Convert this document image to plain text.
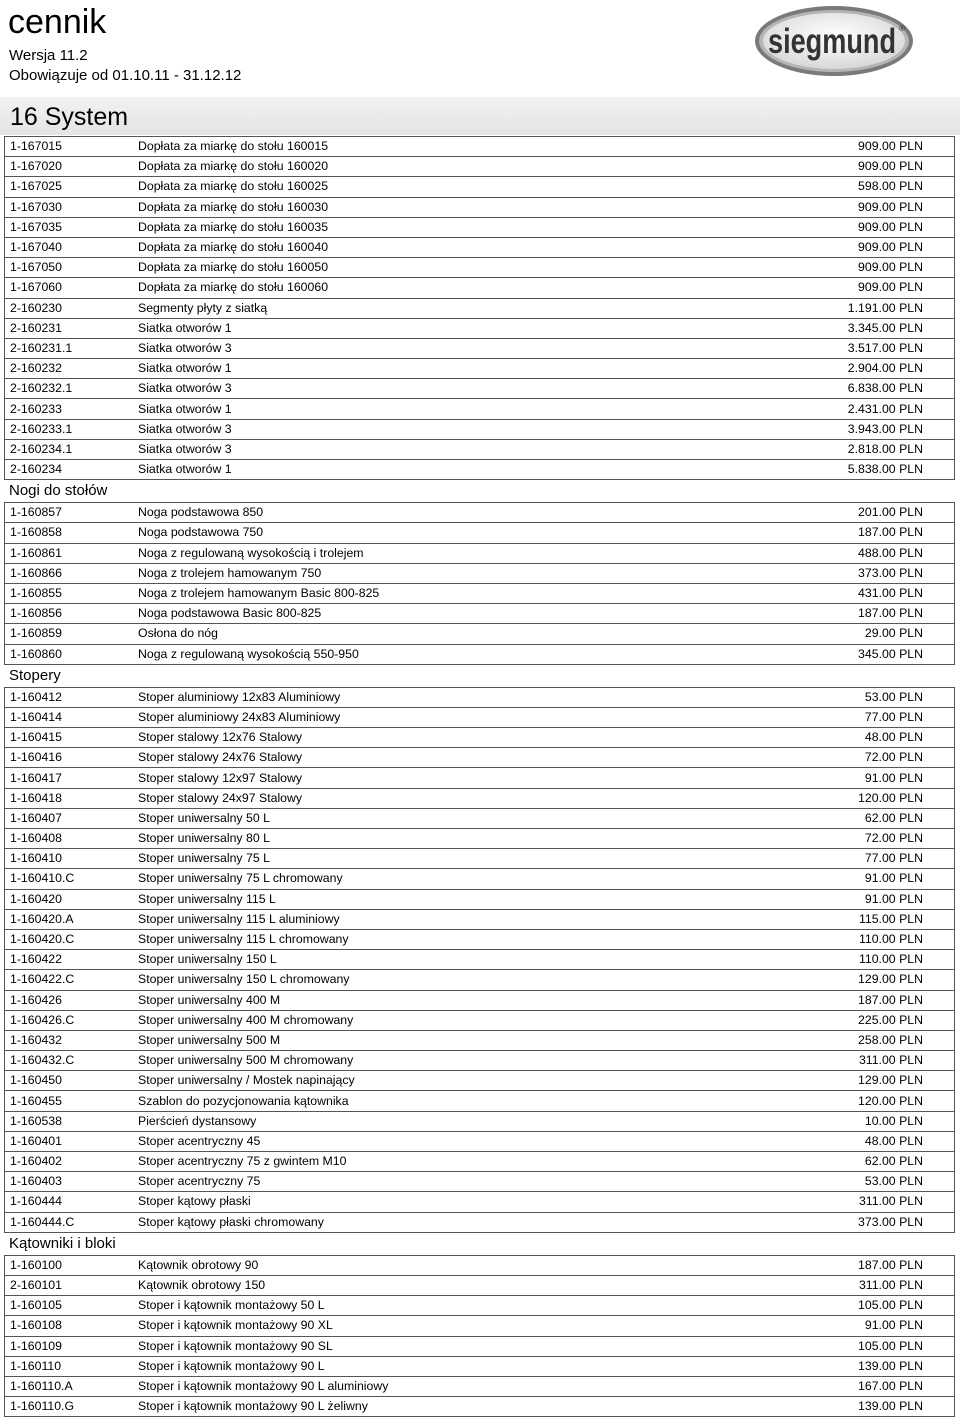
cennik
Wersja 11.2
Obowiązuje od 01.10.11 - 31.12.12
siegmund ®
16 System
1-167015	Dopłata za miarkę do stołu 160015	909.00 PLN
1-167020	Dopłata za miarkę do stołu 160020	909.00 PLN
1-167025	Dopłata za miarkę do stołu 160025	598.00 PLN
1-167030	Dopłata za miarkę do stołu 160030	909.00 PLN
1-167035	Dopłata za miarkę do stołu 160035	909.00 PLN
1-167040	Dopłata za miarkę do stołu 160040	909.00 PLN
1-167050	Dopłata za miarkę do stołu 160050	909.00 PLN
1-167060	Dopłata za miarkę do stołu 160060	909.00 PLN
2-160230	Segmenty płyty z siatką	1.191.00 PLN
2-160231	Siatka otworów 1	3.345.00 PLN
2-160231.1	Siatka otworów 3	3.517.00 PLN
2-160232	Siatka otworów 1	2.904.00 PLN
2-160232.1	Siatka otworów 3	6.838.00 PLN
2-160233	Siatka otworów 1	2.431.00 PLN
2-160233.1	Siatka otworów 3	3.943.00 PLN
2-160234.1	Siatka otworów 3	2.818.00 PLN
2-160234	Siatka otworów 1	5.838.00 PLN
Nogi do stołów
1-160857	Noga podstawowa 850	201.00 PLN
1-160858	Noga podstawowa 750	187.00 PLN
1-160861	Noga z regulowaną wysokością i trolejem	488.00 PLN
1-160866	Noga z trolejem hamowanym 750	373.00 PLN
1-160855	Noga z trolejem hamowanym Basic 800-825	431.00 PLN
1-160856	Noga podstawowa Basic 800-825	187.00 PLN
1-160859	Osłona do nóg	29.00 PLN
1-160860	Noga z regulowaną wysokością 550-950	345.00 PLN
Stopery
1-160412	Stoper aluminiowy 12x83 Aluminiowy	53.00 PLN
1-160414	Stoper aluminiowy 24x83 Aluminiowy	77.00 PLN
1-160415	Stoper stalowy 12x76 Stalowy	48.00 PLN
1-160416	Stoper stalowy 24x76 Stalowy	72.00 PLN
1-160417	Stoper stalowy 12x97 Stalowy	91.00 PLN
1-160418	Stoper stalowy 24x97 Stalowy	120.00 PLN
1-160407	Stoper uniwersalny 50 L	62.00 PLN
1-160408	Stoper uniwersalny 80 L	72.00 PLN
1-160410	Stoper uniwersalny 75 L	77.00 PLN
1-160410.C	Stoper uniwersalny 75 L chromowany	91.00 PLN
1-160420	Stoper uniwersalny 115 L	91.00 PLN
1-160420.A	Stoper uniwersalny 115 L aluminiowy	115.00 PLN
1-160420.C	Stoper uniwersalny 115 L chromowany	110.00 PLN
1-160422	Stoper uniwersalny 150 L	110.00 PLN
1-160422.C	Stoper uniwersalny 150 L chromowany	129.00 PLN
1-160426	Stoper uniwersalny 400 M	187.00 PLN
1-160426.C	Stoper uniwersalny 400 M chromowany	225.00 PLN
1-160432	Stoper uniwersalny 500 M	258.00 PLN
1-160432.C	Stoper uniwersalny 500 M chromowany	311.00 PLN
1-160450	Stoper uniwersalny / Mostek napinający	129.00 PLN
1-160455	Szablon do pozycjonowania kątownika	120.00 PLN
1-160538	Pierścień dystansowy	10.00 PLN
1-160401	Stoper acentryczny 45	48.00 PLN
1-160402	Stoper acentryczny 75 z gwintem M10	62.00 PLN
1-160403	Stoper acentryczny 75	53.00 PLN
1-160444	Stoper kątowy płaski	311.00 PLN
1-160444.C	Stoper kątowy płaski chromowany	373.00 PLN
Kątowniki i bloki
1-160100	Kątownik obrotowy 90	187.00 PLN
2-160101	Kątownik obrotowy 150	311.00 PLN
1-160105	Stoper i kątownik montażowy 50 L	105.00 PLN
1-160108	Stoper i kątownik montażowy 90 XL	91.00 PLN
1-160109	Stoper i kątownik montażowy 90 SL	105.00 PLN
1-160110	Stoper i kątownik montażowy 90 L	139.00 PLN
1-160110.A	Stoper i kątownik montażowy 90 L aluminiowy	167.00 PLN
1-160110.G	Stoper i kątownik montażowy 90 L żeliwny	139.00 PLN
